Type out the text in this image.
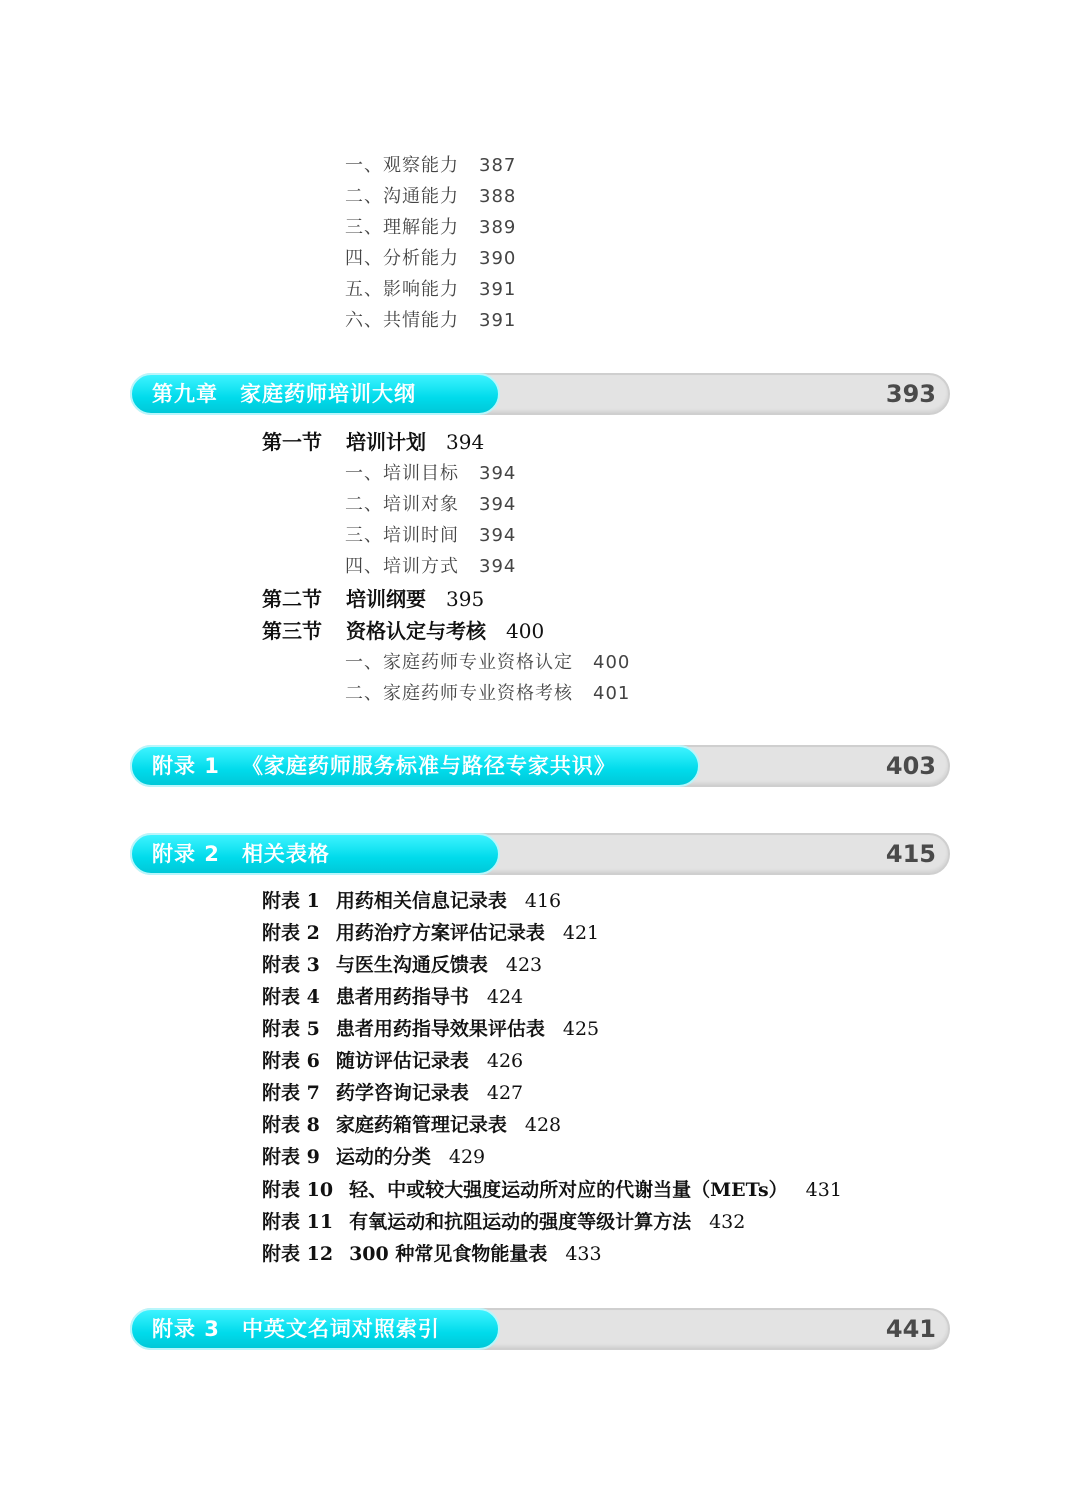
一、观察能力 387
二、沟通能力 388
三、理解能力 389
四、分析能力 390
五、影响能力 391
六、共情能力 391
第九章 家庭药师培训大纲	393
第一节 培训计划 394
一、培训目标 394
二、培训对象 394
三、培训时间 394
四、培训方式 394
第二节 培训纲要 395
第三节 资格认定与考核 400
一、家庭药师专业资格认定 400
二、家庭药师专业资格考核 401
附录 1 《家庭药师服务标准与路径专家共识》	403
附录 2 相关表格	415
附表 1 用药相关信息记录表 416
附表 2 用药治疗方案评估记录表 421
附表 3 与医生沟通反馈表 423
附表 4 患者用药指导书 424
附表 5 患者用药指导效果评估表 425
附表 6 随访评估记录表 426
附表 7 药学咨询记录表 427
附表 8 家庭药箱管理记录表 428
附表 9 运动的分类 429
附表 10 轻、中或较大强度运动所对应的代谢当量（METs） 431
附表 11 有氧运动和抗阻运动的强度等级计算方法 432
附表 12 300 种常见食物能量表 433
附录 3 中英文名词对照索引	441
